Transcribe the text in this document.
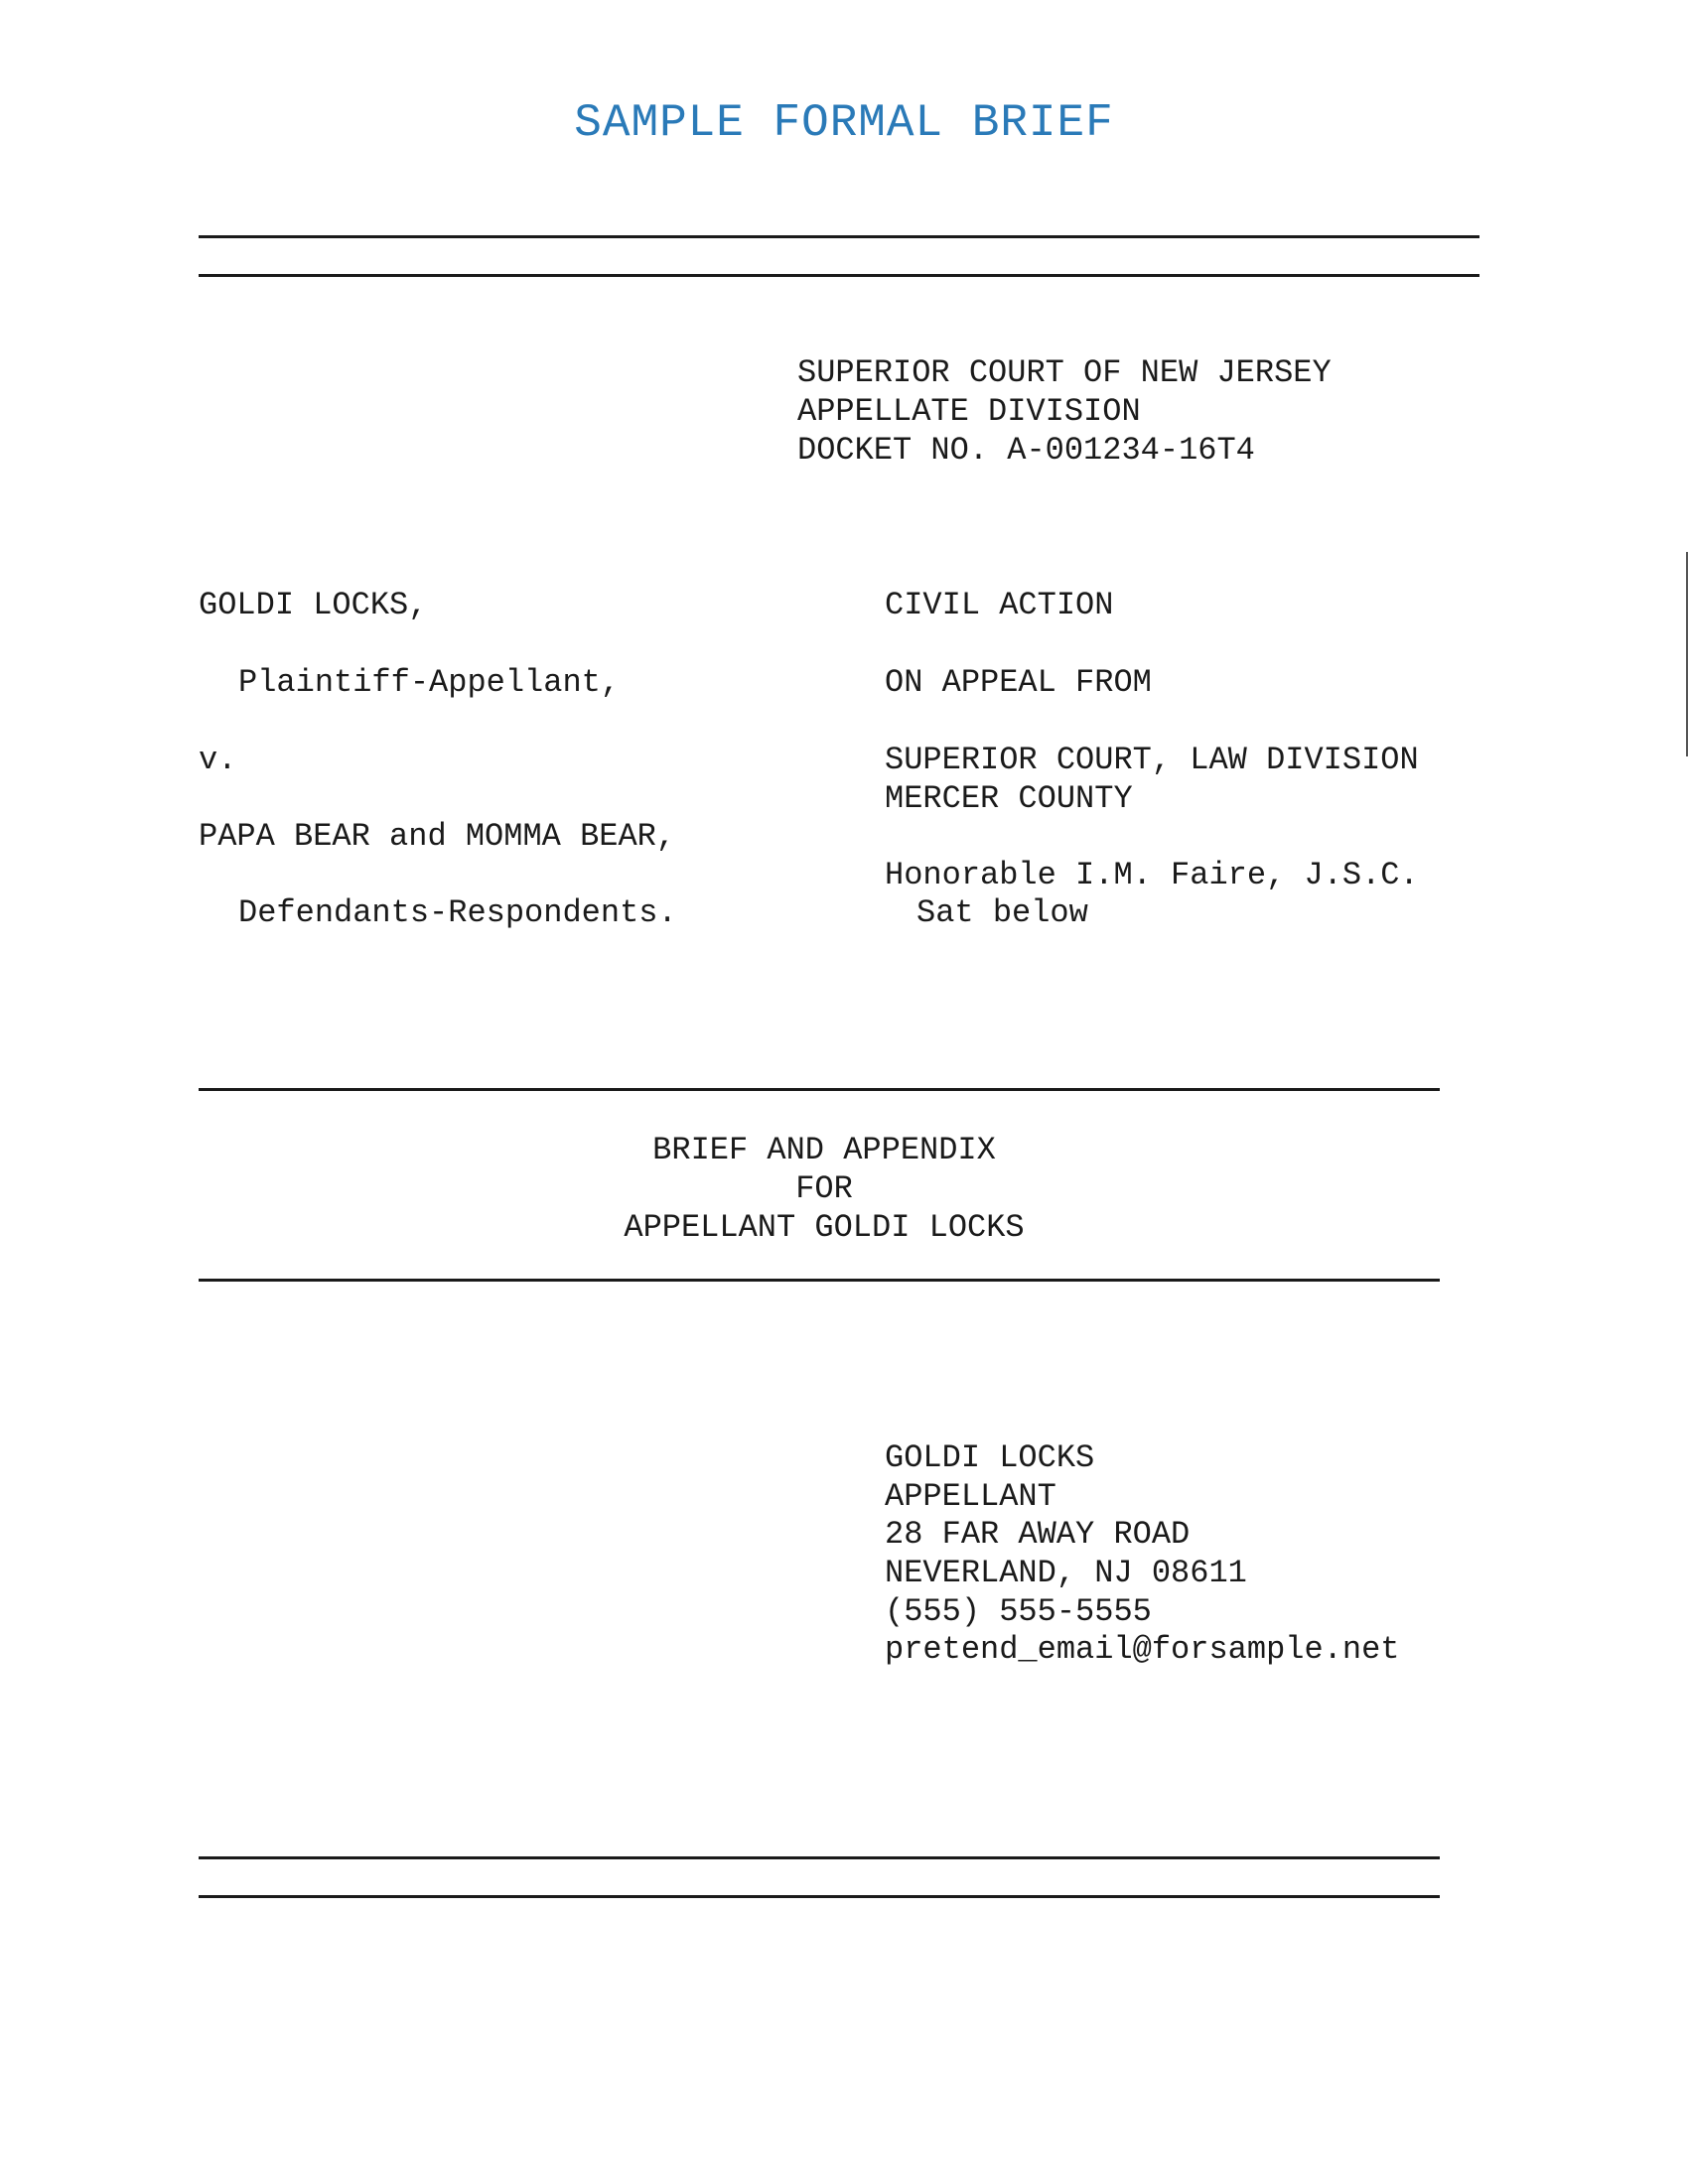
SAMPLE FORMAL BRIEF
SUPERIOR COURT OF NEW JERSEY
APPELLATE DIVISION
DOCKET NO. A-001234-16T4
GOLDI LOCKS,
Plaintiff-Appellant,
v.
PAPA BEAR and MOMMA BEAR,
Defendants-Respondents.
CIVIL ACTION
ON APPEAL FROM
SUPERIOR COURT, LAW DIVISION
MERCER COUNTY
Honorable I.M. Faire, J.S.C.
Sat below
BRIEF AND APPENDIX
FOR
APPELLANT GOLDI LOCKS
GOLDI LOCKS
APPELLANT
28 FAR AWAY ROAD
NEVERLAND, NJ 08611
(555) 555-5555
pretend_email@forsample.net
